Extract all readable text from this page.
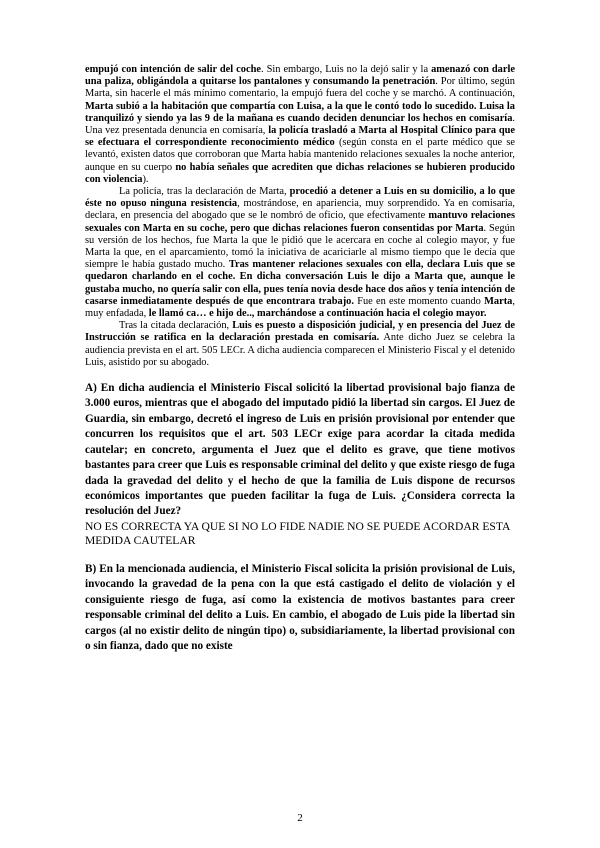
empujó con intención de salir del coche. Sin embargo, Luis no la dejó salir y la amenazó con darle una paliza, obligándola a quitarse los pantalones y consumando la penetración. Por último, según Marta, sin hacerle el más mínimo comentario, la empujó fuera del coche y se marchó. A continuación, Marta subió a la habitación que compartía con Luisa, a la que le contó todo lo sucedido. Luisa la tranquilizó y siendo ya las 9 de la mañana es cuando deciden denunciar los hechos en comisaría. Una vez presentada denuncia en comisaría, la policía trasladó a Marta al Hospital Clínico para que se efectuara el correspondiente reconocimiento médico (según consta en el parte médico que se levantó, existen datos que corroboran que Marta había mantenido relaciones sexuales la noche anterior, aunque en su cuerpo no había señales que acrediten que dichas relaciones se hubieren producido con violencia).

La policía, tras la declaración de Marta, procedió a detener a Luis en su domicilio, a lo que éste no opuso ninguna resistencia, mostrándose, en apariencia, muy sorprendido. Ya en comisaría, declara, en presencia del abogado que se le nombró de oficio, que efectivamente mantuvo relaciones sexuales con Marta en su coche, pero que dichas relaciones fueron consentidas por Marta. Según su versión de los hechos, fue Marta la que le pidió que le acercara en coche al colegio mayor, y fue Marta la que, en el aparcamiento, tomó la iniciativa de acariciarle al mismo tiempo que le decía que siempre le había gustado mucho. Tras mantener relaciones sexuales con ella, declara Luis que se quedaron charlando en el coche. En dicha conversación Luis le dijo a Marta que, aunque le gustaba mucho, no quería salir con ella, pues tenía novia desde hace dos años y tenía intención de casarse inmediatamente después de que encontrara trabajo. Fue en este momento cuando Marta, muy enfadada, le llamó ca… e hijo de.., marchándose a continuación hacia el colegio mayor.

Tras la citada declaración, Luis es puesto a disposición judicial, y en presencia del Juez de Instrucción se ratifica en la declaración prestada en comisaría. Ante dicho Juez se celebra la audiencia prevista en el art. 505 LECr. A dicha audiencia comparecen el Ministerio Fiscal y el detenido Luis, asistido por su abogado.

A) En dicha audiencia el Ministerio Fiscal solicitó la libertad provisional bajo fianza de 3.000 euros, mientras que el abogado del imputado pidió la libertad sin cargos. El Juez de Guardia, sin embargo, decretó el ingreso de Luis en prisión provisional por entender que concurren los requisitos que el art. 503 LECr exige para acordar la citada medida cautelar; en concreto, argumenta el Juez que el delito es grave, que tiene motivos bastantes para creer que Luis es responsable criminal del delito y que existe riesgo de fuga dada la gravedad del delito y el hecho de que la familia de Luis dispone de recursos económicos importantes que pueden facilitar la fuga de Luis. ¿Considera correcta la resolución del Juez?

NO ES CORRECTA YA QUE SI NO LO FIDE NADIE NO SE PUEDE ACORDAR ESTA MEDIDA CAUTELAR

B) En la mencionada audiencia, el Ministerio Fiscal solicita la prisión provisional de Luis, invocando la gravedad de la pena con la que está castigado el delito de violación y el consiguiente riesgo de fuga, así como la existencia de motivos bastantes para creer responsable criminal del delito a Luis. En cambio, el abogado de Luis pide la libertad sin cargos (al no existir delito de ningún tipo) o, subsidiariamente, la libertad provisional con o sin fianza, dado que no existe

2
